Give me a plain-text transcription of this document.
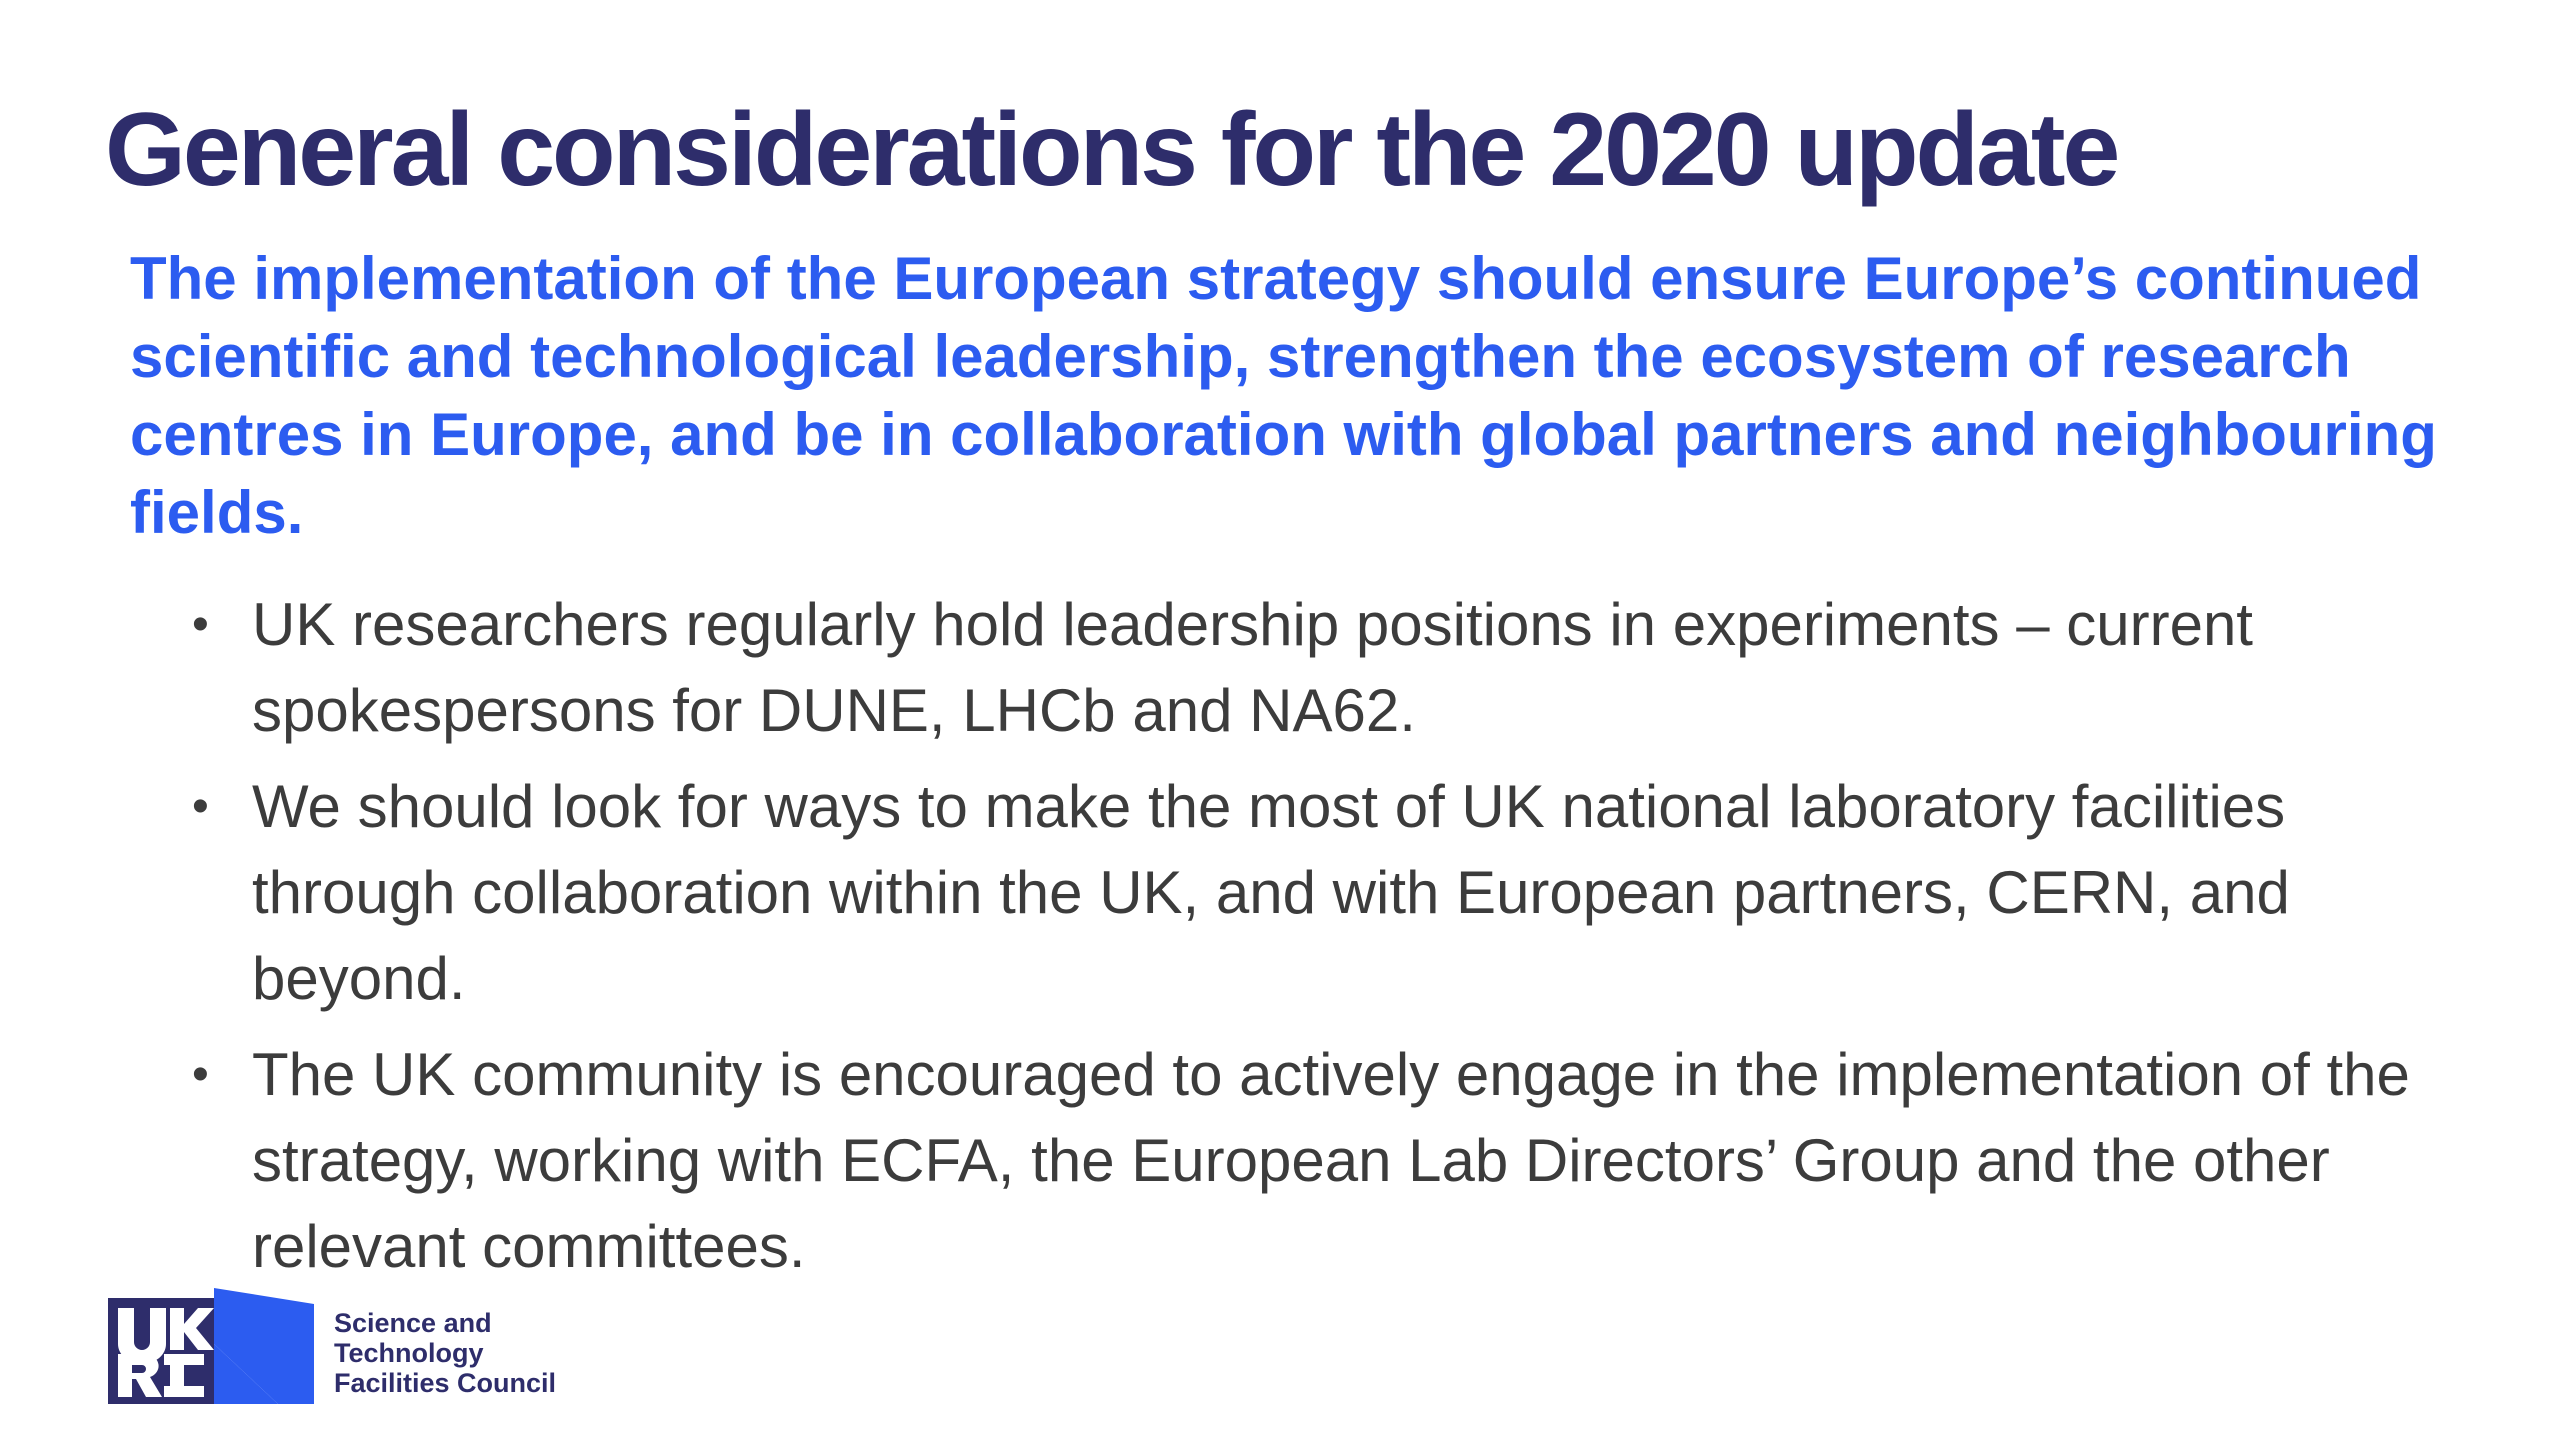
General considerations for the 2020 update

The implementation of the European strategy should ensure Europe’s continued scientific and technological leadership, strengthen the ecosystem of research centres in Europe, and be in collaboration with global partners and neighbouring fields.

• UK researchers regularly hold leadership positions in experiments – current spokespersons for DUNE, LHCb and NA62.
• We should look for ways to make the most of UK national laboratory facilities through collaboration within the UK, and with European partners, CERN, and beyond.
• The UK community is encouraged to actively engage in the implementation of the strategy, working with ECFA, the European Lab Directors’ Group and the other relevant committees.
Science and
Technology
Facilities Council
